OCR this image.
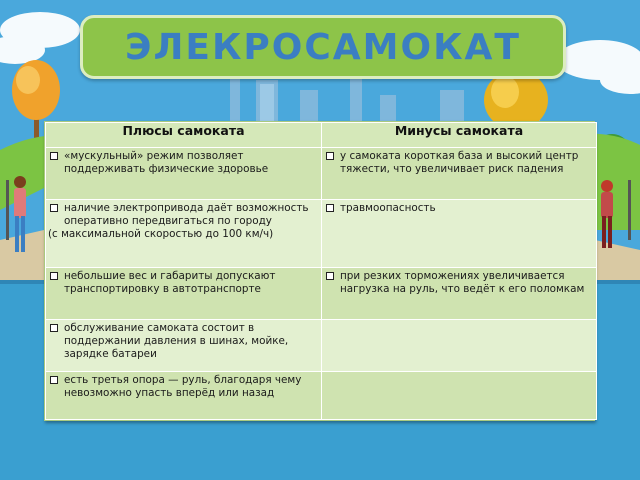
ЭЛЕКРОСАМОКАТ
Плюсы самоката	Минусы самоката

«мускульный» режим позволяет поддерживать физические здоровье	у самоката короткая база и высокий центр тяжести, что увеличивает риск падения

наличие электропривода даёт возможность оперативно передвигаться по городу
(с максимальной скоростью до 100 км/ч)	травмоопасность

небольшие вес и габариты допускают транспортировку в автотранспорте	при резких торможениях увеличивается нагрузка на руль, что ведёт к его поломкам

обслуживание самоката состоит в поддержании давления в шинах, мойке, зарядке батареи	

есть третья опора — руль, благодаря чему невозможно упасть вперёд или назад	
